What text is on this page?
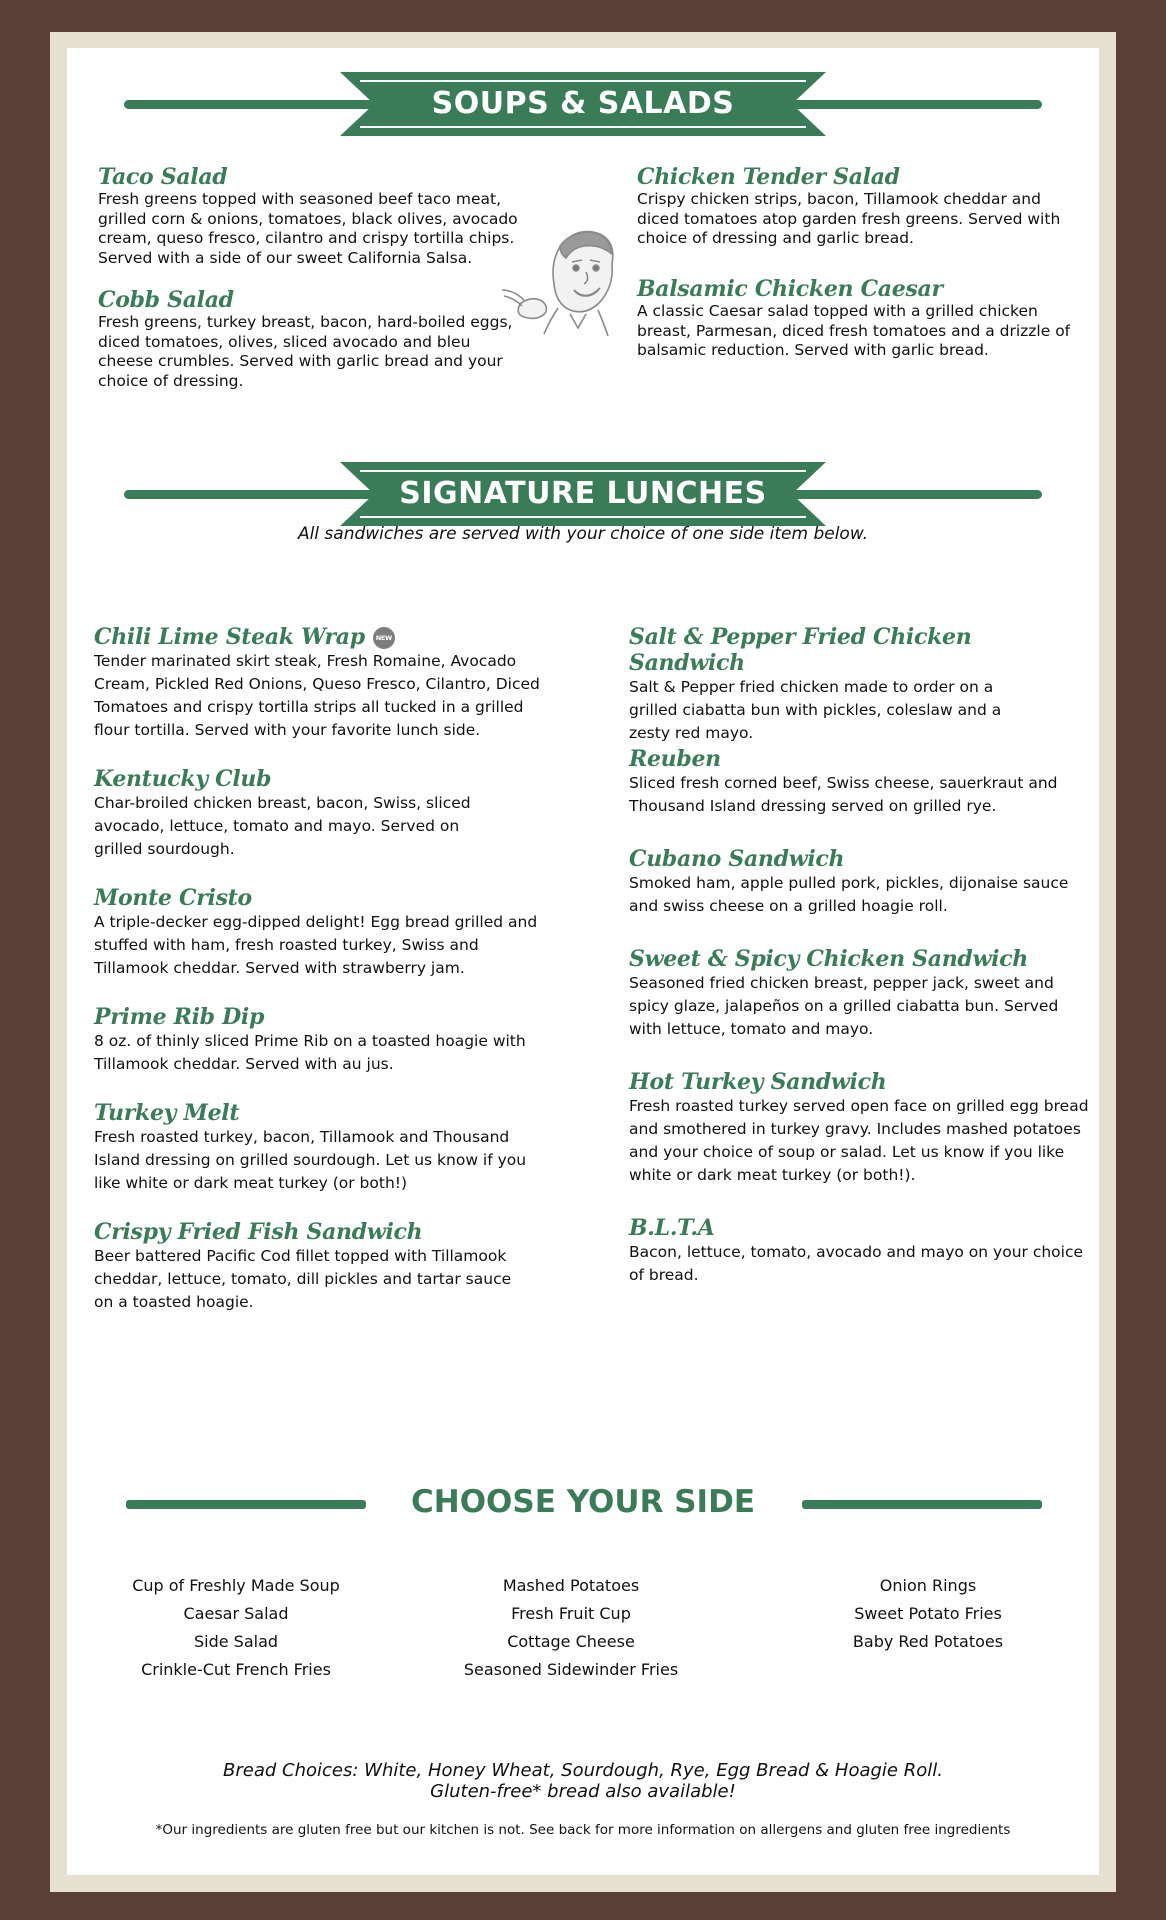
SOUPS & SALADS
Taco Salad

Fresh greens topped with seasoned beef taco meat, grilled corn & onions, tomatoes, black olives, avocado cream, queso fresco, cilantro and crispy tortilla chips. Served with a side of our sweet California Salsa.

Cobb Salad

Fresh greens, turkey breast, bacon, hard-boiled eggs, diced tomatoes, olives, sliced avocado and bleu cheese crumbles. Served with garlic bread and your choice of dressing.

Chicken Tender Salad

Crispy chicken strips, bacon, Tillamook cheddar and diced tomatoes atop garden fresh greens. Served with choice of dressing and garlic bread.

Balsamic Chicken Caesar

A classic Caesar salad topped with a grilled chicken breast, Parmesan, diced fresh tomatoes and a drizzle of balsamic reduction. Served with garlic bread.

SIGNATURE LUNCHES
All sandwiches are served with your choice of one side item below.
Chili Lime Steak Wrap NEW

Tender marinated skirt steak, Fresh Romaine, Avocado Cream, Pickled Red Onions, Queso Fresco, Cilantro, Diced Tomatoes and crispy tortilla strips all tucked in a grilled flour tortilla. Served with your favorite lunch side.

Kentucky Club

Char-broiled chicken breast, bacon, Swiss, sliced avocado, lettuce, tomato and mayo. Served on grilled sourdough.

Monte Cristo

A triple-decker egg-dipped delight! Egg bread grilled and stuffed with ham, fresh roasted turkey, Swiss and Tillamook cheddar. Served with strawberry jam.

Prime Rib Dip

8 oz. of thinly sliced Prime Rib on a toasted hoagie with Tillamook cheddar. Served with au jus.

Turkey Melt

Fresh roasted turkey, bacon, Tillamook and Thousand Island dressing on grilled sourdough. Let us know if you like white or dark meat turkey (or both!)

Crispy Fried Fish Sandwich

Beer battered Pacific Cod fillet topped with Tillamook cheddar, lettuce, tomato, dill pickles and tartar sauce on a toasted hoagie.

Salt & Pepper Fried Chicken Sandwich

Salt & Pepper fried chicken made to order on a grilled ciabatta bun with pickles, coleslaw and a zesty red mayo.

Reuben

Sliced fresh corned beef, Swiss cheese, sauerkraut and Thousand Island dressing served on grilled rye.

Cubano Sandwich

Smoked ham, apple pulled pork, pickles, dijonaise sauce and swiss cheese on a grilled hoagie roll.

Sweet & Spicy Chicken Sandwich

Seasoned fried chicken breast, pepper jack, sweet and spicy glaze, jalapeños on a grilled ciabatta bun. Served with lettuce, tomato and mayo.

Hot Turkey Sandwich

Fresh roasted turkey served open face on grilled egg bread and smothered in turkey gravy. Includes mashed potatoes and your choice of soup or salad. Let us know if you like white or dark meat turkey (or both!).

B.L.T.A

Bacon, lettuce, tomato, avocado and mayo on your choice of bread.

CHOOSE YOUR SIDE
Cup of Freshly Made Soup
Caesar Salad
Side Salad
Crinkle-Cut French Fries
Mashed Potatoes
Fresh Fruit Cup
Cottage Cheese
Seasoned Sidewinder Fries
Onion Rings
Sweet Potato Fries
Baby Red Potatoes
Bread Choices: White, Honey Wheat, Sourdough, Rye, Egg Bread & Hoagie Roll.
Gluten-free* bread also available!
*Our ingredients are gluten free but our kitchen is not. See back for more information on allergens and gluten free ingredients
